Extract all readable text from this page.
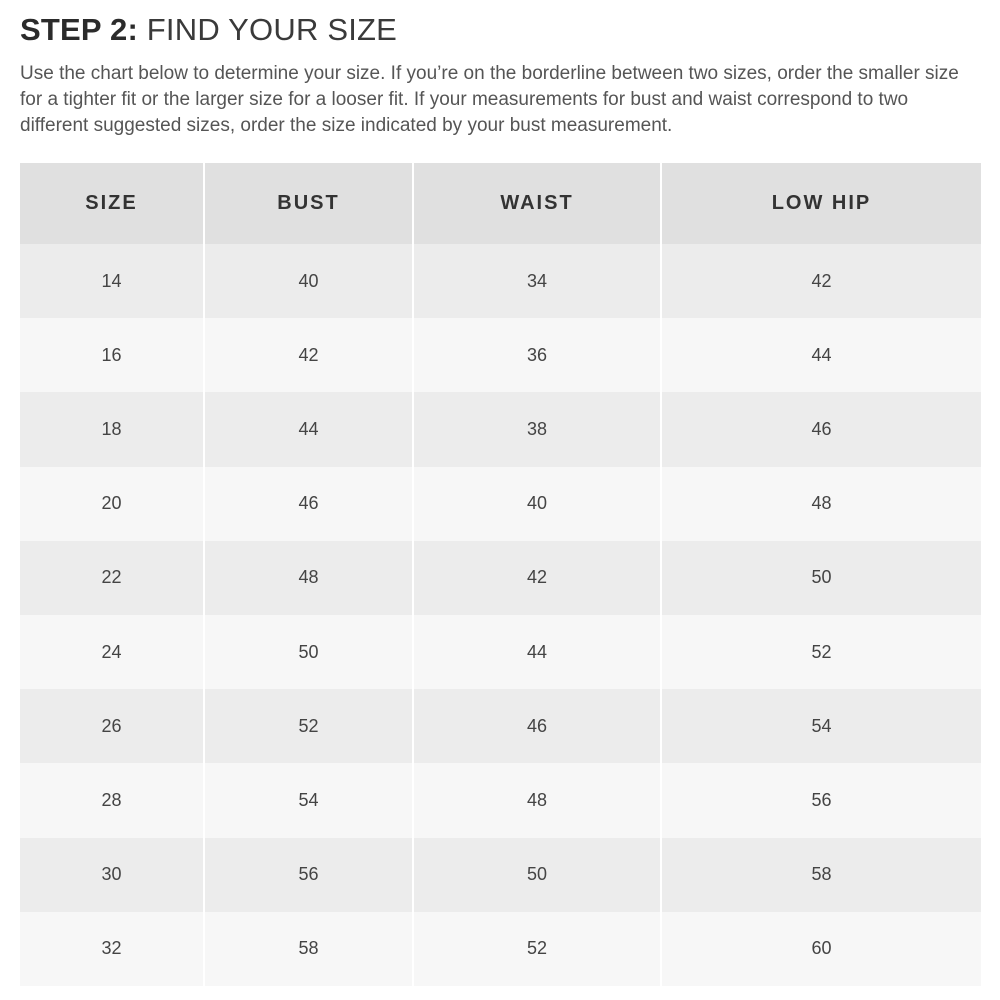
STEP 2: FIND YOUR SIZE

Use the chart below to determine your size. If you’re on the borderline between two sizes, order the smaller size for a tighter fit or the larger size for a looser fit. If your measurements for bust and waist correspond to two different suggested sizes, order the size indicated by your bust measurement.

SIZE	BUST	WAIST	LOW HIP
14	40	34	42
16	42	36	44
18	44	38	46
20	46	40	48
22	48	42	50
24	50	44	52
26	52	46	54
28	54	48	56
30	56	50	58
32	58	52	60
